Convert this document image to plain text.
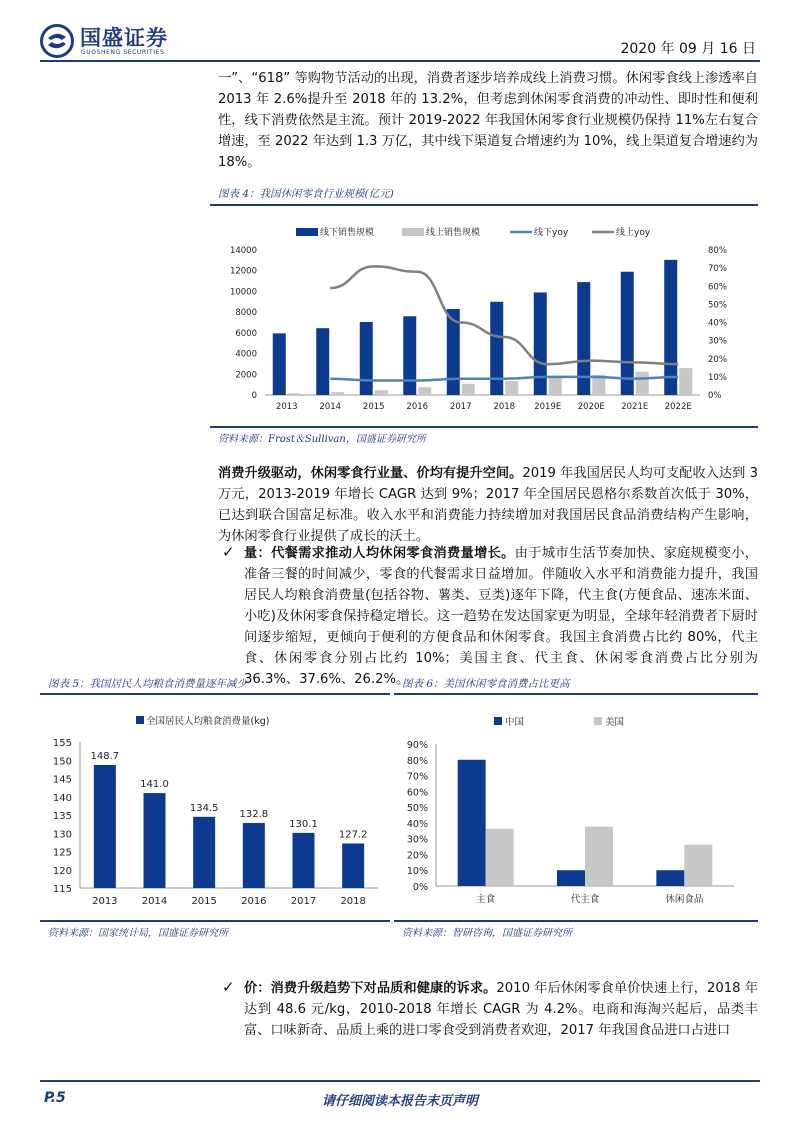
国盛证券
GUOSHENG SECURITIES	2020 年 09 月 16 日
一”、“618” 等购物节活动的出现，消费者逐步培养成线上消费习惯。休闲零食线上渗透率自 2013 年 2.6%提升至 2018 年的 13.2%，但考虑到休闲零食消费的冲动性、即时性和便利性，线下消费依然是主流。预计 2019-2022 年我国休闲零食行业规模仍保持 11%左右复合增速，至 2022 年达到 1.3 万亿，其中线下渠道复合增速约为 10%，线上渠道复合增速约为 18%。
图表 4：我国休闲零食行业规模(亿元)
线下销售规模	线上销售规模	线下yoy	线上yoy
0
2000
4000
6000
8000
10000
12000
14000
0%
10%
20%
30%
40%
50%
60%
70%
80%
2013	2014	2015	2016	2017	2018 2019E 2020E 2021E 2022E
资料来源：Frost＆Sullivan，国盛证券研究所
消费升级驱动，休闲零食行业量、价均有提升空间。2019 年我国居民人均可支配收入达到 3 万元，2013-2019 年增长 CAGR 达到 9%；2017 年全国居民恩格尔系数首次低于 30%，已达到联合国富足标准。收入水平和消费能力持续增加对我国居民食品消费结构产生影响，为休闲零食行业提供了成长的沃土。
✓ 量：代餐需求推动人均休闲零食消费量增长。由于城市生活节奏加快、家庭规模变小，准备三餐的时间减少，零食的代餐需求日益增加。伴随收入水平和消费能力提升，我国居民人均粮食消费量(包括谷物、薯类、豆类)逐年下降，代主食(方便食品、速冻米面、小吃)及休闲零食保持稳定增长。这一趋势在发达国家更为明显，全球年轻消费者下厨时间逐步缩短，更倾向于便利的方便食品和休闲零食。我国主食消费占比约 80%，代主食、休闲零食分别占比约 10%；美国主食、代主食、休闲零食消费占比分别为 36.3%、37.6%、26.2%。
图表 5：我国居民人均粮食消费量逐年减少
全国居民人均粮食消费量(kg)
115
120
125
130
135
140
145
150
155
148.7
2013
141.0
2014
134.5
2015
132.8
2016
130.1
2017
127.2
2018
资料来源：国家统计局，国盛证券研究所
图表 6：美国休闲零食消费占比更高
中国	美国
0%
10%
20%
30%
40%
50%
60%
70%
80%
90%
主食	代主食	休闲食品
资料来源：智研咨询，国盛证券研究所
✓ 价：消费升级趋势下对品质和健康的诉求。2010 年后休闲零食单价快速上行，2018 年达到 48.6 元/kg，2010-2018 年增长 CAGR 为 4.2%。电商和海淘兴起后，品类丰富、口味新奇、品质上乘的进口零食受到消费者欢迎，2017 年我国食品进口占进口
请仔细阅读本报告末页声明
P.5
